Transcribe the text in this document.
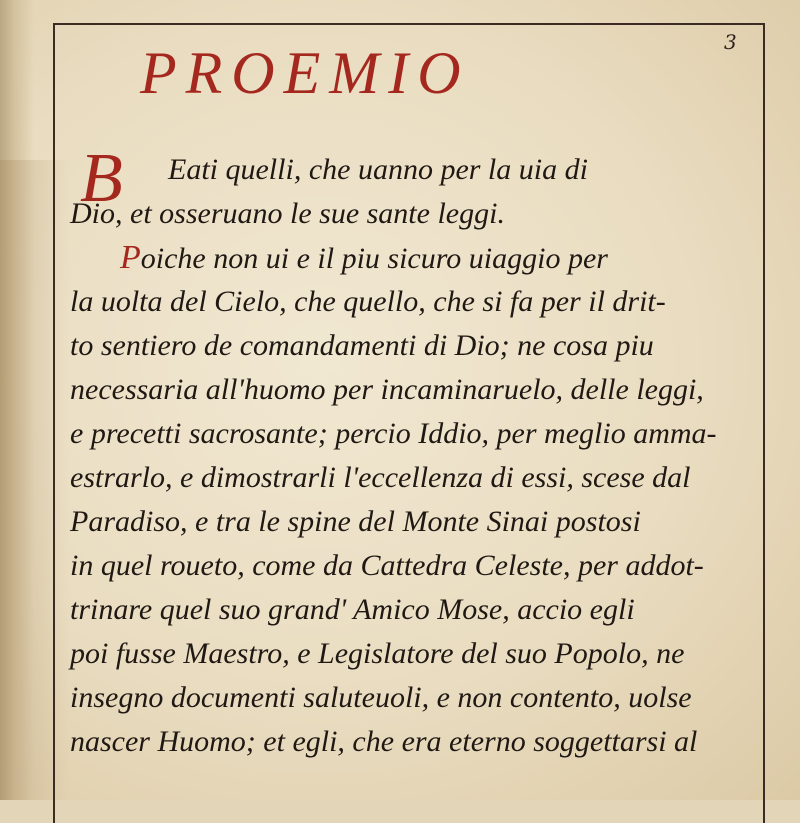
3

PROEMIO

B Eati quelli, che uanno per la uia di

Dio, et osseruano le sue sante leggi.

Poiche non ui e il piu sicuro uiaggio per

la uolta del Cielo, che quello, che si fa per il drit-

to sentiero de comandamenti di Dio; ne cosa piu

necessaria all'huomo per incaminaruelo, delle leggi,

e precetti sacrosante; percio Iddio, per meglio amma-

estrarlo, e dimostrarli l'eccellenza di essi, scese dal

Paradiso, e tra le spine del Monte Sinai postosi

in quel roueto, come da Cattedra Celeste, per addot-

trinare quel suo grand' Amico Mose, accio egli

poi fusse Maestro, e Legislatore del suo Popolo, ne

insegno documenti saluteuoli, e non contento, uolse

nascer Huomo; et egli, che era eterno soggettarsi al
